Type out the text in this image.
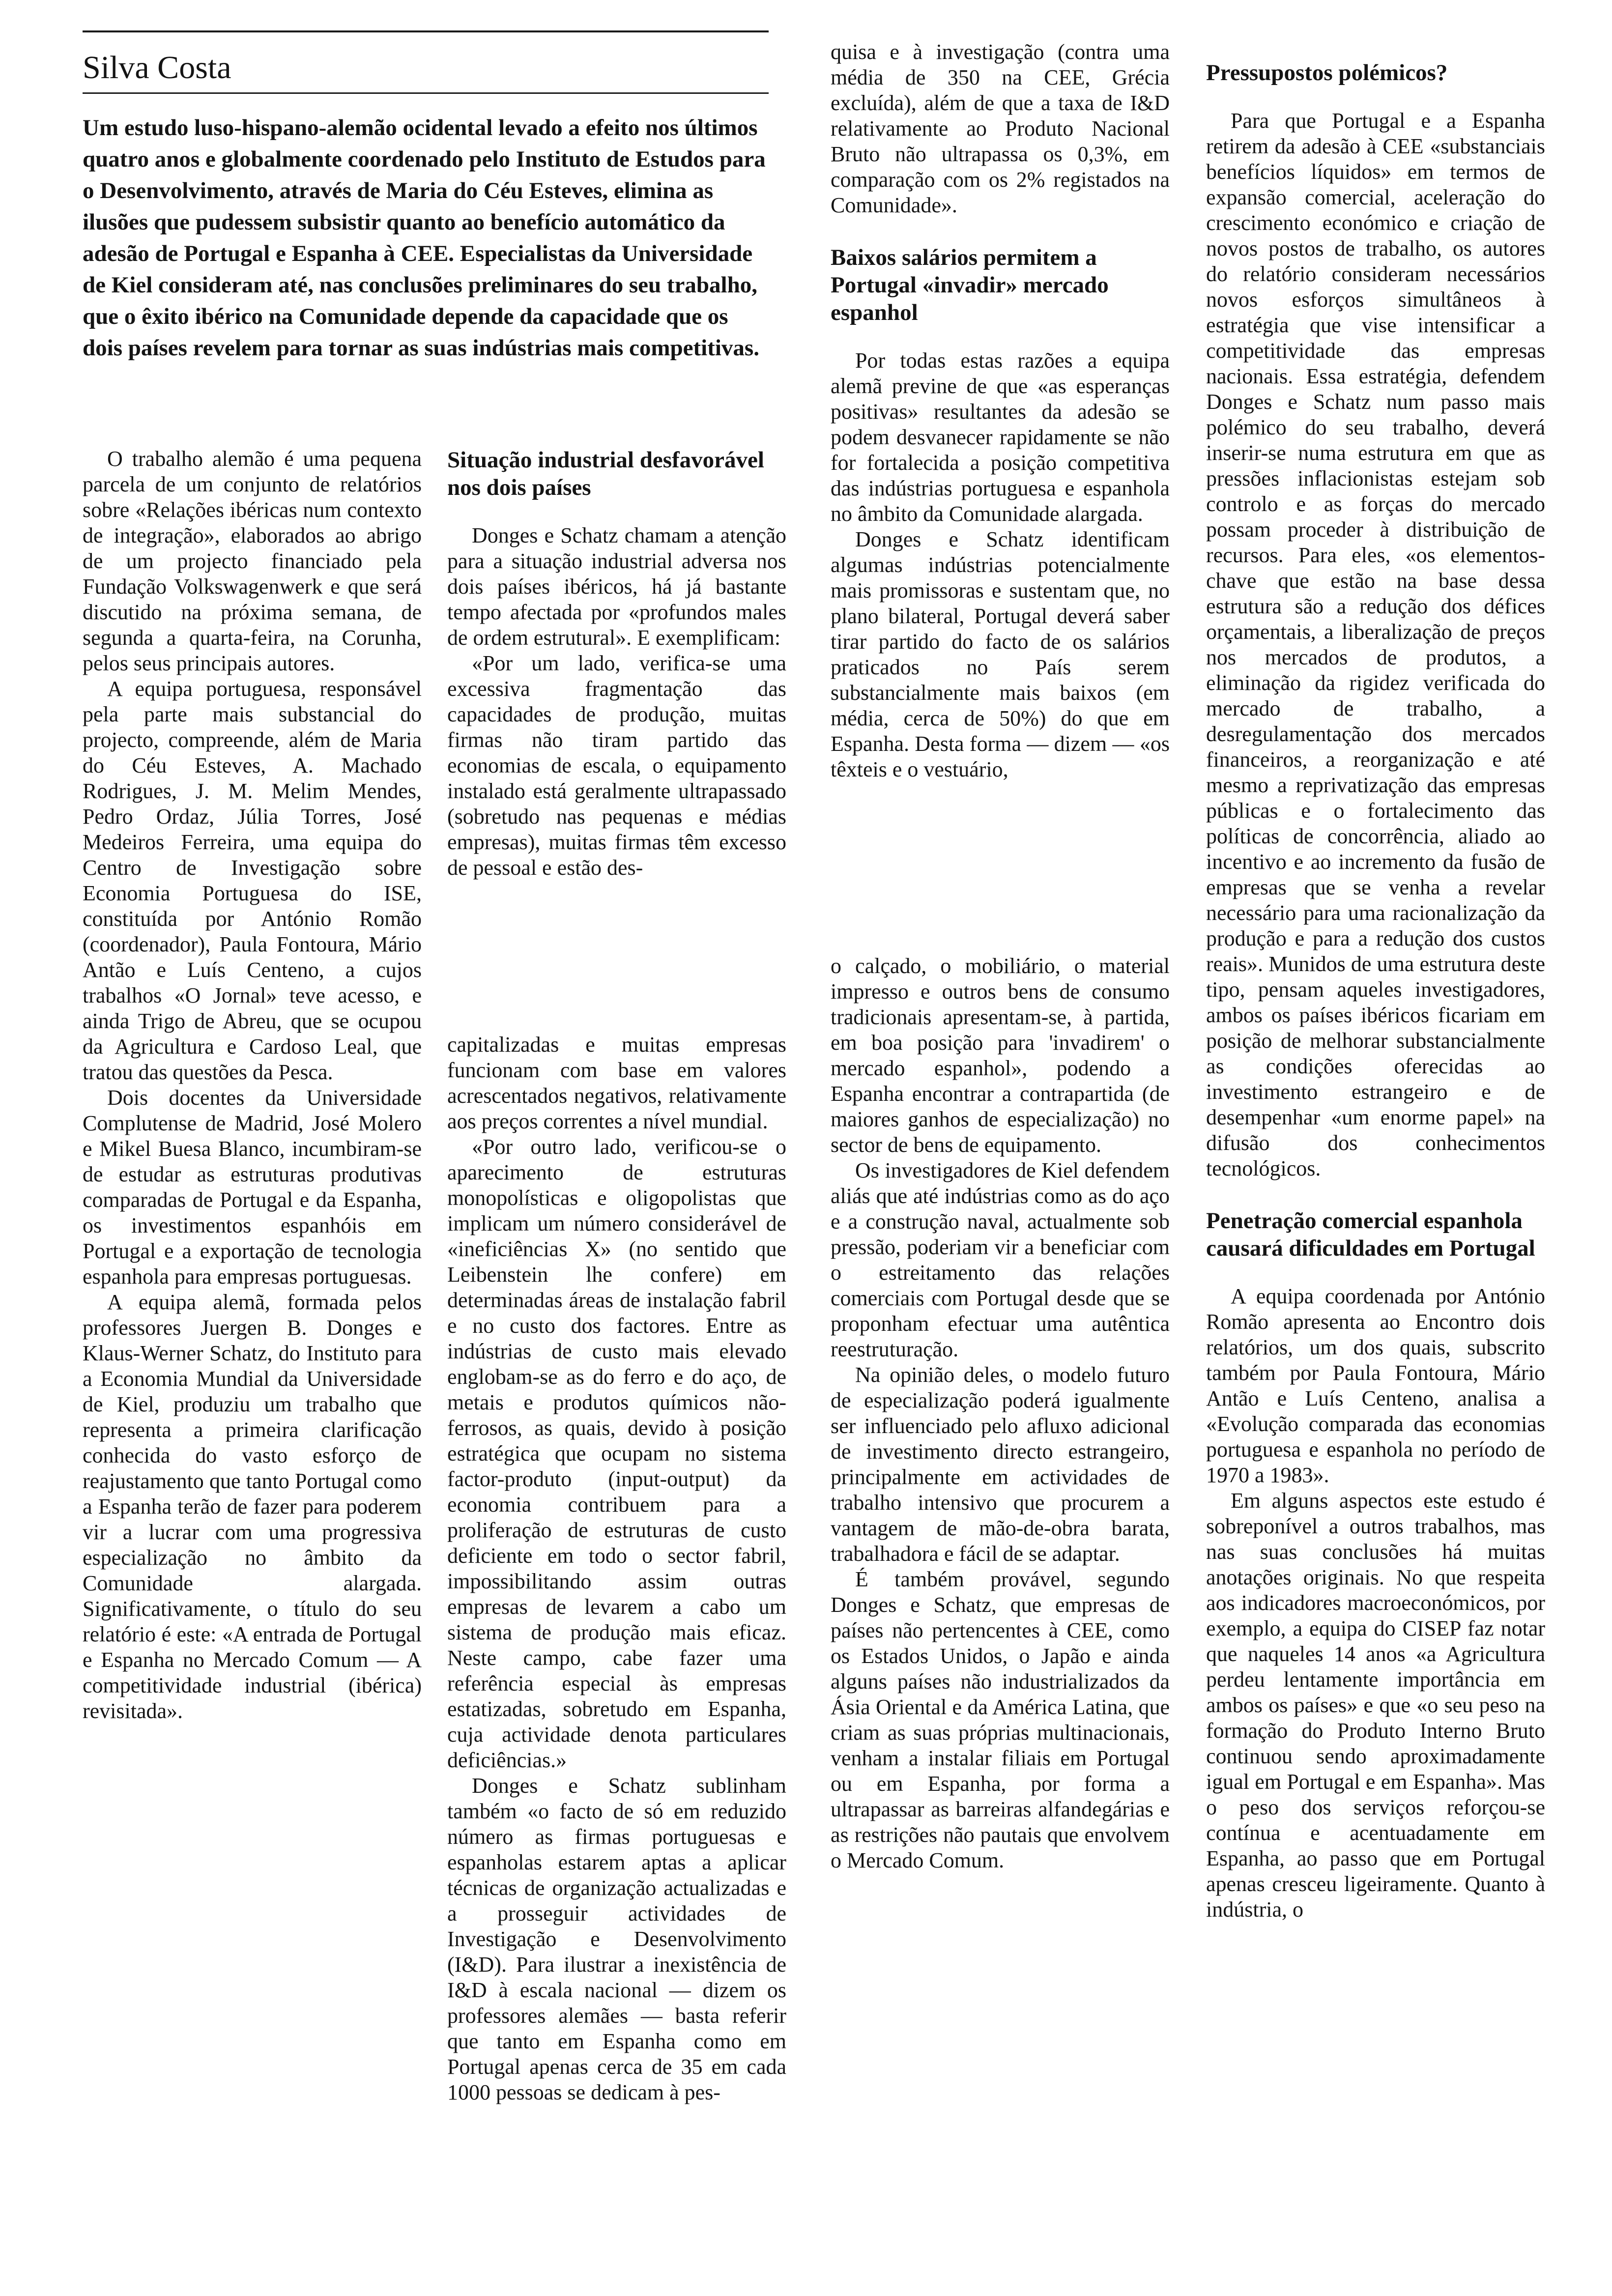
Silva Costa

Um estudo luso-hispano-alemão ocidental levado a efeito nos últimos quatro anos e globalmente coordenado pelo Instituto de Estudos para o Desenvolvimento, através de Maria do Céu Esteves, elimina as ilusões que pudessem subsistir quanto ao benefício automático da adesão de Portugal e Espanha à CEE. Especialistas da Universidade de Kiel consideram até, nas conclusões preliminares do seu trabalho, que o êxito ibérico na Comunidade depende da capacidade que os dois países revelem para tornar as suas indústrias mais competitivas.

O trabalho alemão é uma pequena parcela de um conjunto de relatórios sobre «Relações ibéricas num contexto de integração», elaborados ao abrigo de um projecto financiado pela Fundação Volkswagenwerk e que será discutido na próxima semana, de segunda a quarta-feira, na Corunha, pelos seus principais autores.

A equipa portuguesa, responsável pela parte mais substancial do projecto, compreende, além de Maria do Céu Esteves, A. Machado Rodrigues, J. M. Melim Mendes, Pedro Ordaz, Júlia Torres, José Medeiros Ferreira, uma equipa do Centro de Investigação sobre Economia Portuguesa do ISE, constituída por António Romão (coordenador), Paula Fontoura, Mário Antão e Luís Centeno, a cujos trabalhos «O Jornal» teve acesso, e ainda Trigo de Abreu, que se ocupou da Agricultura e Cardoso Leal, que tratou das questões da Pesca.

Dois docentes da Universidade Complutense de Madrid, José Molero e Mikel Buesa Blanco, incumbiram-se de estudar as estruturas produtivas comparadas de Portugal e da Espanha, os investimentos espanhóis em Portugal e a exportação de tecnologia espanhola para empresas portuguesas.

A equipa alemã, formada pelos professores Juergen B. Donges e Klaus-Werner Schatz, do Instituto para a Economia Mundial da Universidade de Kiel, produziu um trabalho que representa a primeira clarificação conhecida do vasto esforço de reajustamento que tanto Portugal como a Espanha terão de fazer para poderem vir a lucrar com uma progressiva especialização no âmbito da Comunidade alargada. Significativamente, o título do seu relatório é este: «A entrada de Portugal e Espanha no Mercado Comum — A competitividade industrial (ibérica) revisitada».

Situação industrial desfavorável nos dois países

Donges e Schatz chamam a atenção para a situação industrial adversa nos dois países ibéricos, há já bastante tempo afectada por «profundos males de ordem estrutural». E exemplificam:

«Por um lado, verifica-se uma excessiva fragmentação das capacidades de produção, muitas firmas não tiram partido das economias de escala, o equipamento instalado está geralmente ultrapassado (sobretudo nas pequenas e médias empresas), muitas firmas têm excesso de pessoal e estão des-

capitalizadas e muitas empresas funcionam com base em valores acrescentados negativos, relativamente aos preços correntes a nível mundial.

«Por outro lado, verificou-se o aparecimento de estruturas monopolísticas e oligopolistas que implicam um número considerável de «ineficiências X» (no sentido que Leibenstein lhe confere) em determinadas áreas de instalação fabril e no custo dos factores. Entre as indústrias de custo mais elevado englobam-se as do ferro e do aço, de metais e produtos químicos não-ferrosos, as quais, devido à posição estratégica que ocupam no sistema factor-produto (input-output) da economia contribuem para a proliferação de estruturas de custo deficiente em todo o sector fabril, impossibilitando assim outras empresas de levarem a cabo um sistema de produção mais eficaz. Neste campo, cabe fazer uma referência especial às empresas estatizadas, sobretudo em Espanha, cuja actividade denota particulares deficiências.»

Donges e Schatz sublinham também «o facto de só em reduzido número as firmas portuguesas e espanholas estarem aptas a aplicar técnicas de organização actualizadas e a prosseguir actividades de Investigação e Desenvolvimento (I&D). Para ilustrar a inexistência de I&D à escala nacional — dizem os professores alemães — basta referir que tanto em Espanha como em Portugal apenas cerca de 35 em cada 1000 pessoas se dedicam à pes-

quisa e à investigação (contra uma média de 350 na CEE, Grécia excluída), além de que a taxa de I&D relativamente ao Produto Nacional Bruto não ultrapassa os 0,3%, em comparação com os 2% registados na Comunidade».

Baixos salários permitem a Portugal «invadir» mercado espanhol

Por todas estas razões a equipa alemã previne de que «as esperanças positivas» resultantes da adesão se podem desvanecer rapidamente se não for fortalecida a posição competitiva das indústrias portuguesa e espanhola no âmbito da Comunidade alargada.

Donges e Schatz identificam algumas indústrias potencialmente mais promissoras e sustentam que, no plano bilateral, Portugal deverá saber tirar partido do facto de os salários praticados no País serem substancialmente mais baixos (em média, cerca de 50%) do que em Espanha. Desta forma — dizem — «os têxteis e o vestuário,

o calçado, o mobiliário, o material impresso e outros bens de consumo tradicionais apresentam-se, à partida, em boa posição para 'invadirem' o mercado espanhol», podendo a Espanha encontrar a contrapartida (de maiores ganhos de especialização) no sector de bens de equipamento.

Os investigadores de Kiel defendem aliás que até indústrias como as do aço e a construção naval, actualmente sob pressão, poderiam vir a beneficiar com o estreitamento das relações comerciais com Portugal desde que se proponham efectuar uma autêntica reestruturação.

Na opinião deles, o modelo futuro de especialização poderá igualmente ser influenciado pelo afluxo adicional de investimento directo estrangeiro, principalmente em actividades de trabalho intensivo que procurem a vantagem de mão-de-obra barata, trabalhadora e fácil de se adaptar.

É também provável, segundo Donges e Schatz, que empresas de países não pertencentes à CEE, como os Estados Unidos, o Japão e ainda alguns países não industrializados da Ásia Oriental e da América Latina, que criam as suas próprias multinacionais, venham a instalar filiais em Portugal ou em Espanha, por forma a ultrapassar as barreiras alfandegárias e as restrições não pautais que envolvem o Mercado Comum.

Pressupostos polémicos?

Para que Portugal e a Espanha retirem da adesão à CEE «substanciais benefícios líquidos» em termos de expansão comercial, aceleração do crescimento económico e criação de novos postos de trabalho, os autores do relatório consideram necessários novos esforços simultâneos à estratégia que vise intensificar a competitividade das empresas nacionais. Essa estratégia, defendem Donges e Schatz num passo mais polémico do seu trabalho, deverá inserir-se numa estrutura em que as pressões inflacionistas estejam sob controlo e as forças do mercado possam proceder à distribuição de recursos. Para eles, «os elementos-chave que estão na base dessa estrutura são a redução dos défices orçamentais, a liberalização de preços nos mercados de produtos, a eliminação da rigidez verificada do mercado de trabalho, a desregulamentação dos mercados financeiros, a reorganização e até mesmo a reprivatização das empresas públicas e o fortalecimento das políticas de concorrência, aliado ao incentivo e ao incremento da fusão de empresas que se venha a revelar necessário para uma racionalização da produção e para a redução dos custos reais». Munidos de uma estrutura deste tipo, pensam aqueles investigadores, ambos os países ibéricos ficariam em posição de melhorar substancialmente as condições oferecidas ao investimento estrangeiro e de desempenhar «um enorme papel» na difusão dos conhecimentos tecnológicos.

Penetração comercial espanhola causará dificuldades em Portugal

A equipa coordenada por António Romão apresenta ao Encontro dois relatórios, um dos quais, subscrito também por Paula Fontoura, Mário Antão e Luís Centeno, analisa a «Evolução comparada das economias portuguesa e espanhola no período de 1970 a 1983».

Em alguns aspectos este estudo é sobreponível a outros trabalhos, mas nas suas conclusões há muitas anotações originais. No que respeita aos indicadores macroeconómicos, por exemplo, a equipa do CISEP faz notar que naqueles 14 anos «a Agricultura perdeu lentamente importância em ambos os países» e que «o seu peso na formação do Produto Interno Bruto continuou sendo aproximadamente igual em Portugal e em Espanha». Mas o peso dos serviços reforçou-se contínua e acentuadamente em Espanha, ao passo que em Portugal apenas cresceu ligeiramente. Quanto à indústria, o
